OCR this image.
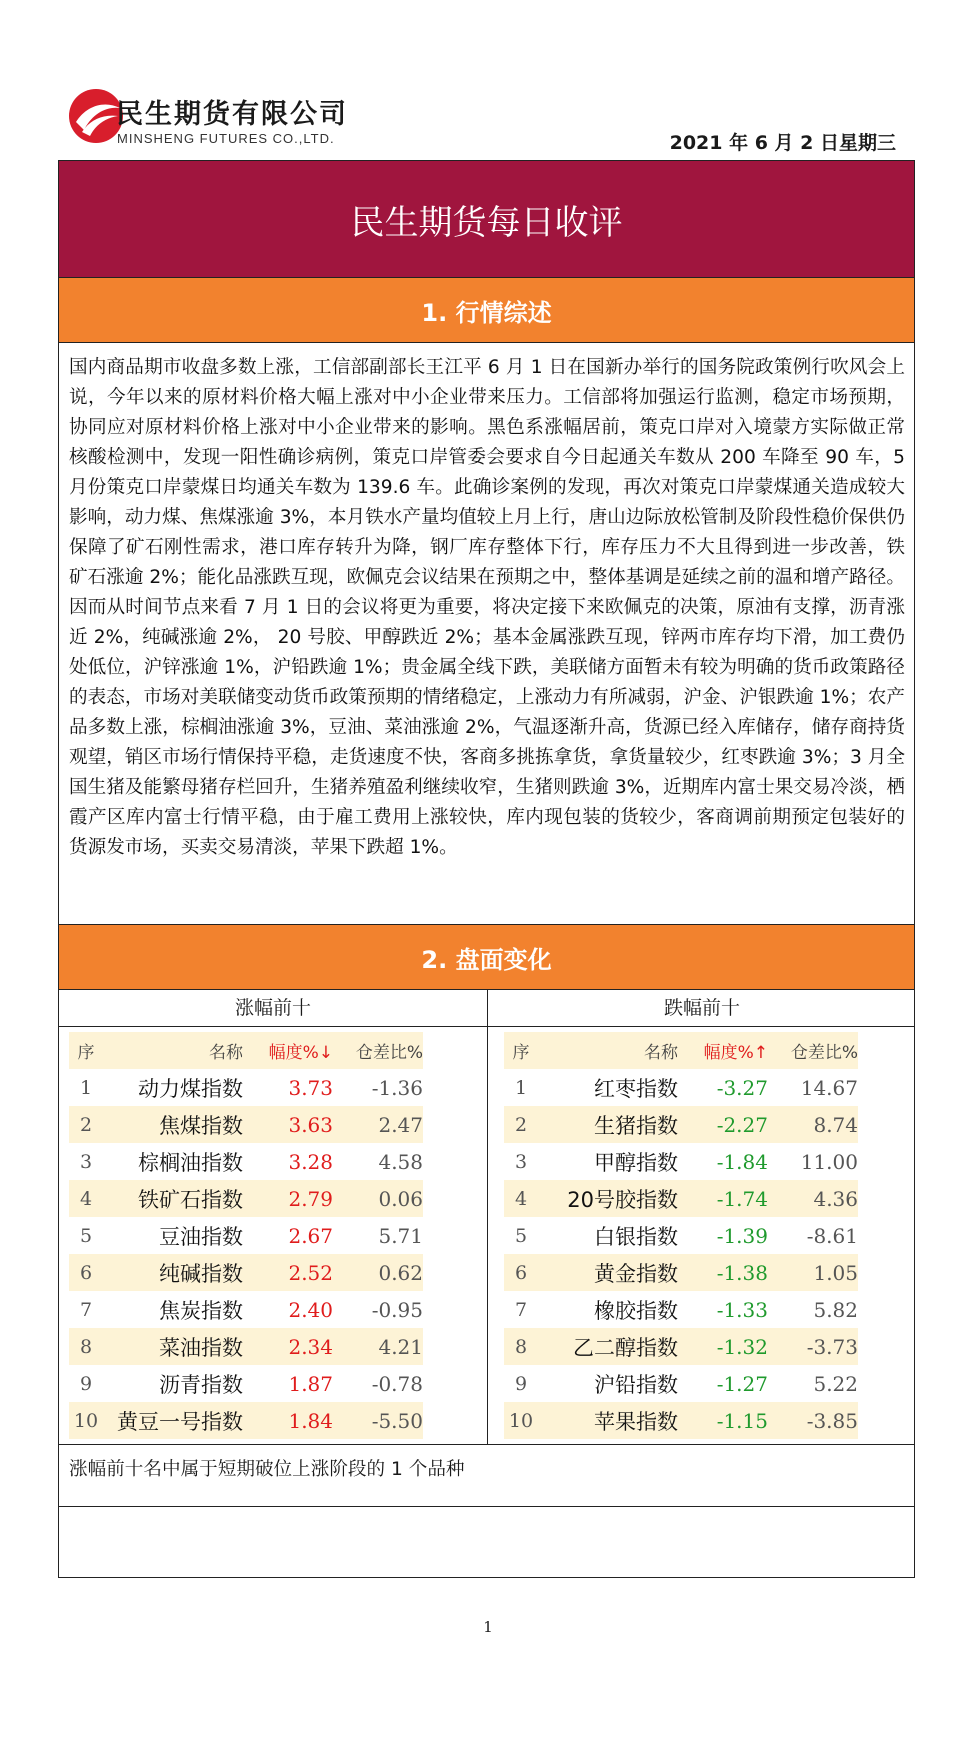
民生期货有限公司
MINSHENG FUTURES CO.,LTD.	2021 年 6 月 2 日星期三
民生期货每日收评
1. 行情综述
国内商品期市收盘多数上涨，工信部副部长王江平 6 月 1 日在国新办举行的国务院政策例行吹风会上说，今年以来的原材料价格大幅上涨对中小企业带来压力。工信部将加强运行监测，稳定市场预期，协同应对原材料价格上涨对中小企业带来的影响。黑色系涨幅居前，策克口岸对入境蒙方实际做正常核酸检测中，发现一阳性确诊病例，策克口岸管委会要求自今日起通关车数从 200 车降至 90 车，5 月份策克口岸蒙煤日均通关车数为 139.6 车。此确诊案例的发现，再次对策克口岸蒙煤通关造成较大影响，动力煤、焦煤涨逾 3%，本月铁水产量均值较上月上行，唐山边际放松管制及阶段性稳价保供仍保障了矿石刚性需求，港口库存转升为降，钢厂库存整体下行，库存压力不大且得到进一步改善，铁矿石涨逾 2%；能化品涨跌互现，欧佩克会议结果在预期之中，整体基调是延续之前的温和增产路径。因而从时间节点来看 7 月 1 日的会议将更为重要，将决定接下来欧佩克的决策，原油有支撑，沥青涨近 2%，纯碱涨逾 2%， 20 号胶、甲醇跌近 2%；基本金属涨跌互现，锌两市库存均下滑，加工费仍处低位，沪锌涨逾 1%，沪铅跌逾 1%；贵金属全线下跌，美联储方面暂未有较为明确的货币政策路径的表态，市场对美联储变动货币政策预期的情绪稳定，上涨动力有所减弱，沪金、沪银跌逾 1%；农产品多数上涨，棕榈油涨逾 3%，豆油、菜油涨逾 2%，气温逐渐升高，货源已经入库储存，储存商持货观望，销区市场行情保持平稳，走货速度不快，客商多挑拣拿货，拿货量较少，红枣跌逾 3%；3 月全国生猪及能繁母猪存栏回升，生猪养殖盈利继续收窄，生猪则跌逾 3%，近期库内富士果交易冷淡，栖霞产区库内富士行情平稳，由于雇工费用上涨较快，库内现包装的货较少，客商调前期预定包装好的货源发市场，买卖交易清淡，苹果下跌超 1%。
2. 盘面变化
涨幅前十	跌幅前十
序	名称	幅度%↓	仓差比%
1	动力煤指数	3.73	-1.36
2	焦煤指数	3.63	2.47
3	棕榈油指数	3.28	4.58
4	铁矿石指数	2.79	0.06
5	豆油指数	2.67	5.71
6	纯碱指数	2.52	0.62
7	焦炭指数	2.40	-0.95
8	菜油指数	2.34	4.21
9	沥青指数	1.87	-0.78
10 黄豆一号指数	1.84	-5.50
序	名称	幅度%↑	仓差比%
1	红枣指数	-3.27	14.67
2	生猪指数	-2.27	8.74
3	甲醇指数	-1.84	11.00
4	20号胶指数	-1.74	4.36
5	白银指数	-1.39	-8.61
6	黄金指数	-1.38	1.05
7	橡胶指数	-1.33	5.82
8	乙二醇指数	-1.32	-3.73
9	沪铅指数	-1.27	5.22
10	苹果指数	-1.15	-3.85
涨幅前十名中属于短期破位上涨阶段的 1 个品种
1
